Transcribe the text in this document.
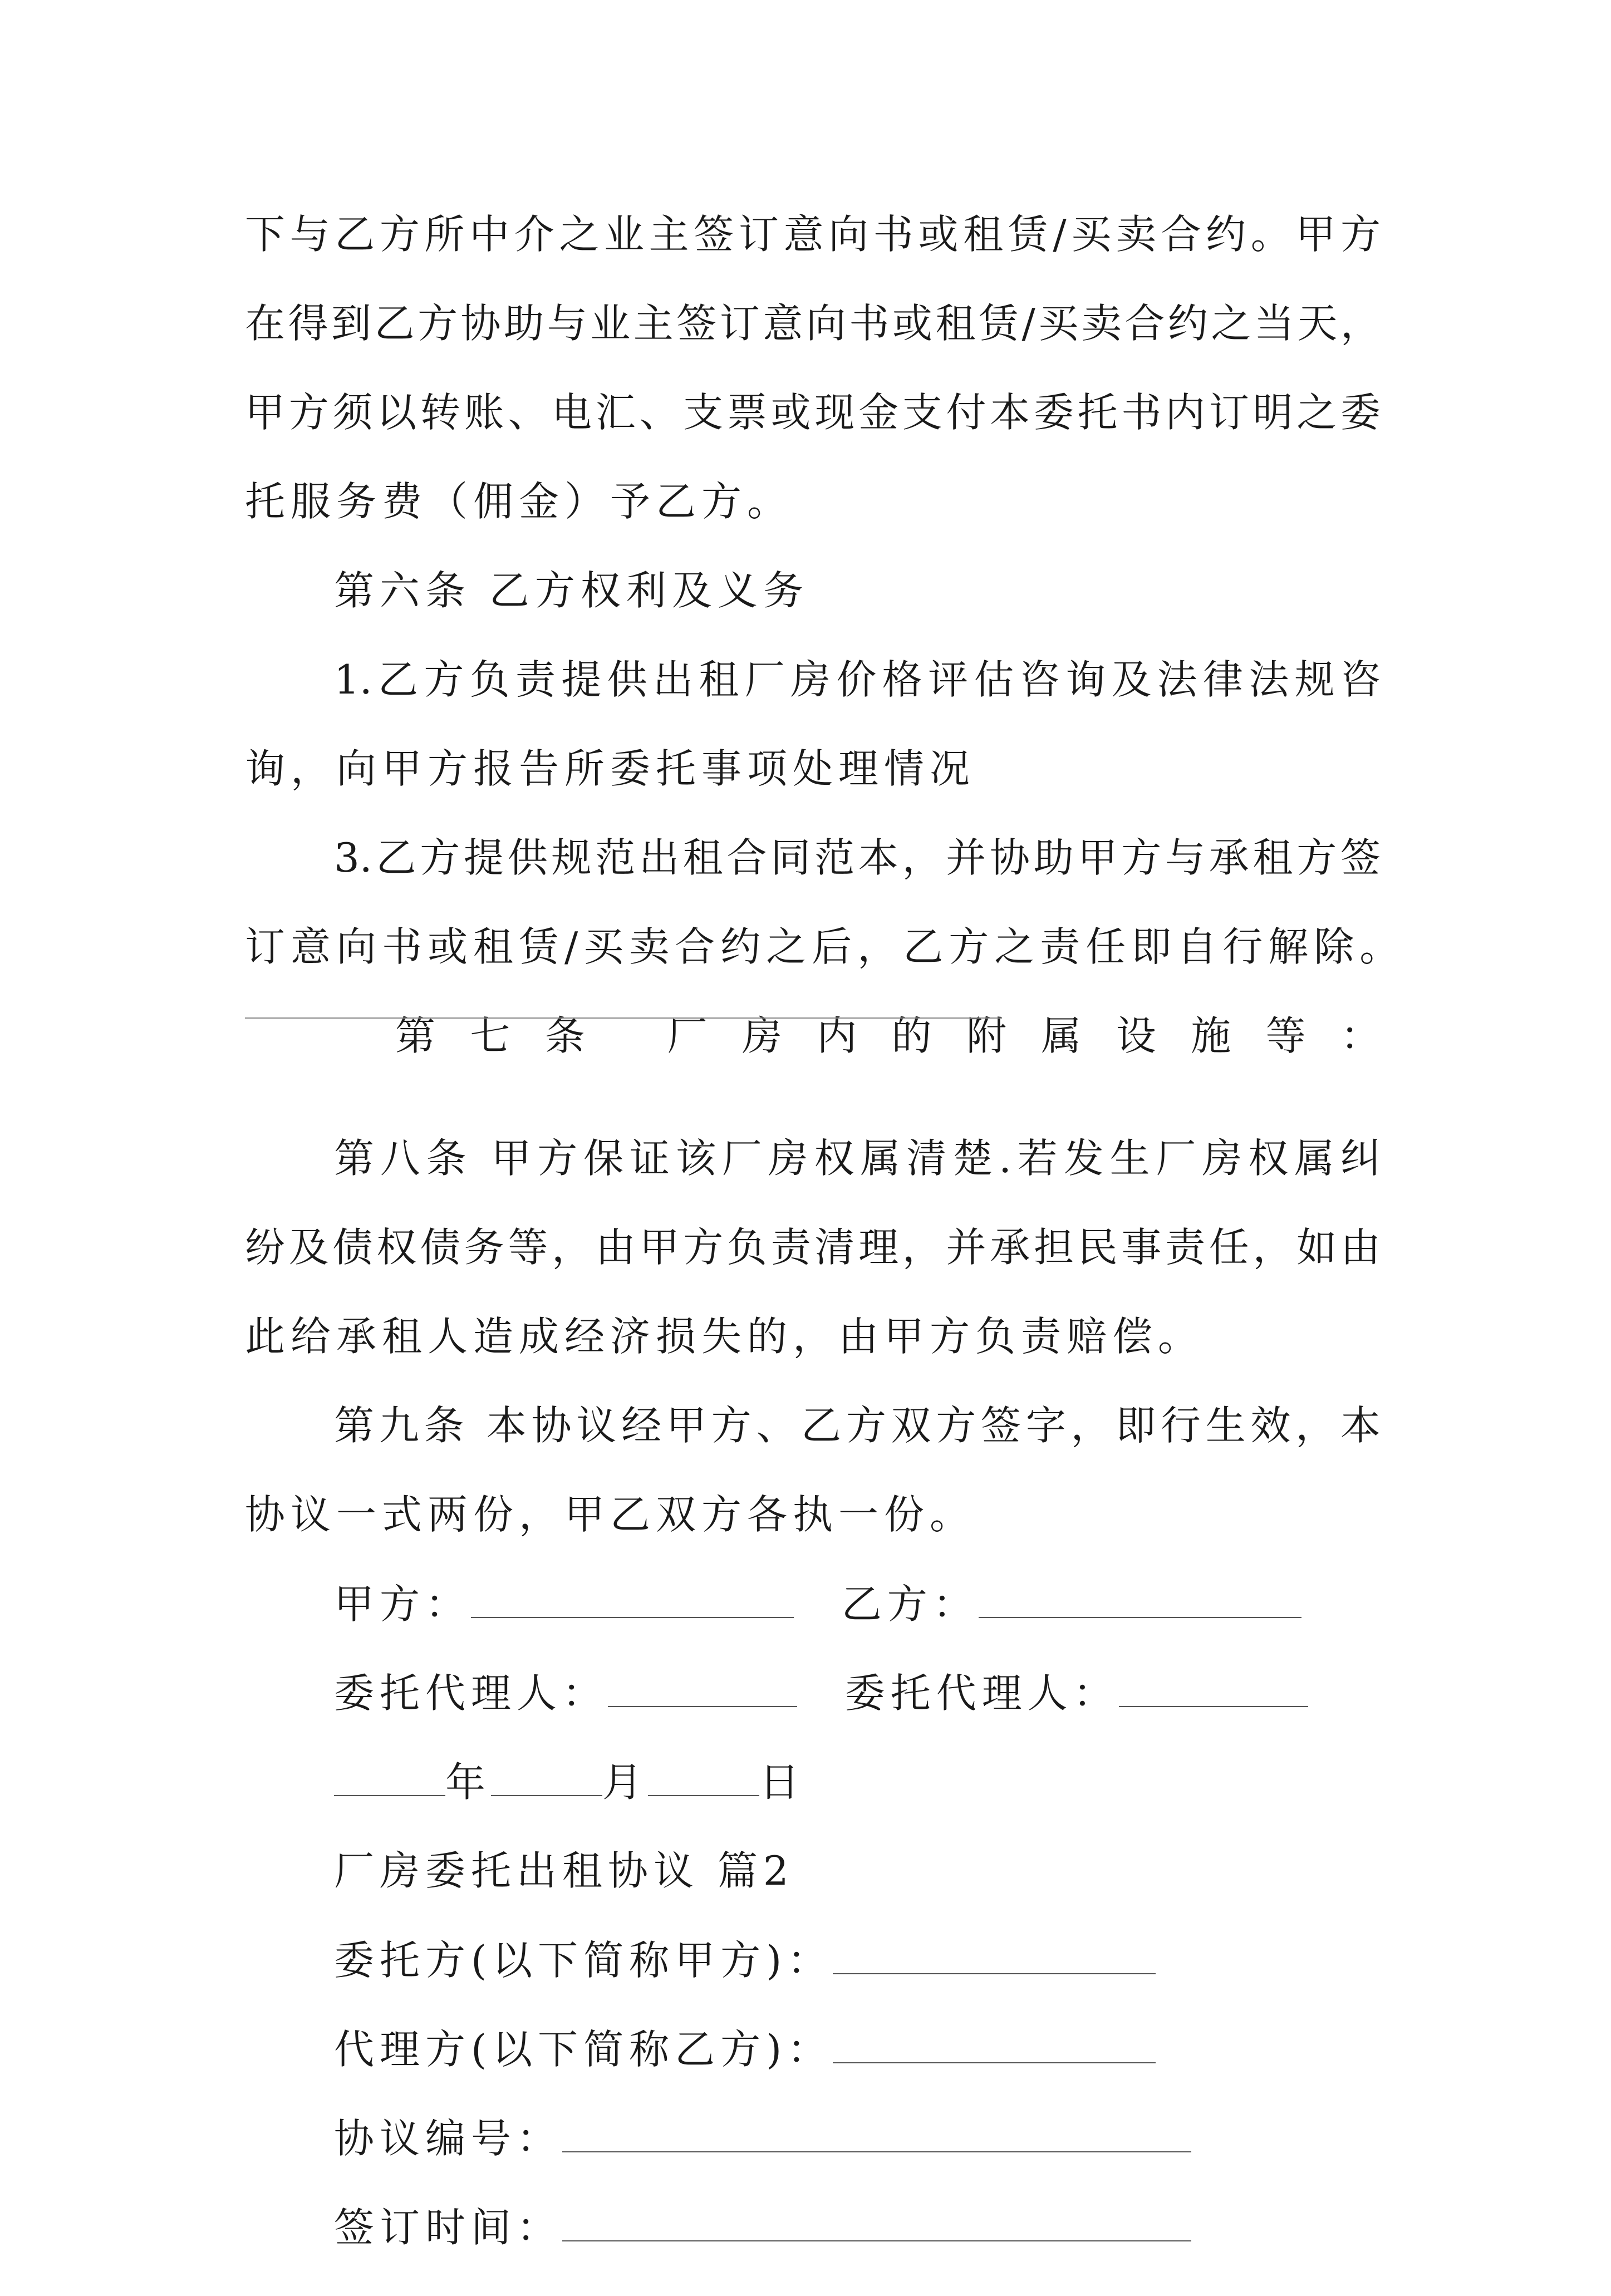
下与乙方所中介之业主签订意向书或租赁/买卖合约。甲方
在得到乙方协助与业主签订意向书或租赁/买卖合约之当天，
甲方须以转账、电汇、支票或现金支付本委托书内订明之委
托服务费（佣金）予乙方。
第六条 乙方权利及义务
1.乙方负责提供出租厂房价格评估咨询及法律法规咨
询，向甲方报告所委托事项处理情况
3.乙方提供规范出租合同范本，并协助甲方与承租方签
订意向书或租赁/买卖合约之后，乙方之责任即自行解除。
第七条 厂房内的附属设施等：
第八条 甲方保证该厂房权属清楚.若发生厂房权属纠
纷及债权债务等，由甲方负责清理，并承担民事责任，如由
此给承租人造成经济损失的，由甲方负责赔偿。
第九条 本协议经甲方、乙方双方签字，即行生效，本
协议一式两份，甲乙双方各执一份。
甲方：	乙方：
委托代理人：	委托代理人：
年	月	日
厂房委托出租协议 篇2
委托方(以下简称甲方)：
代理方(以下简称乙方)：
协议编号：
签订时间：
